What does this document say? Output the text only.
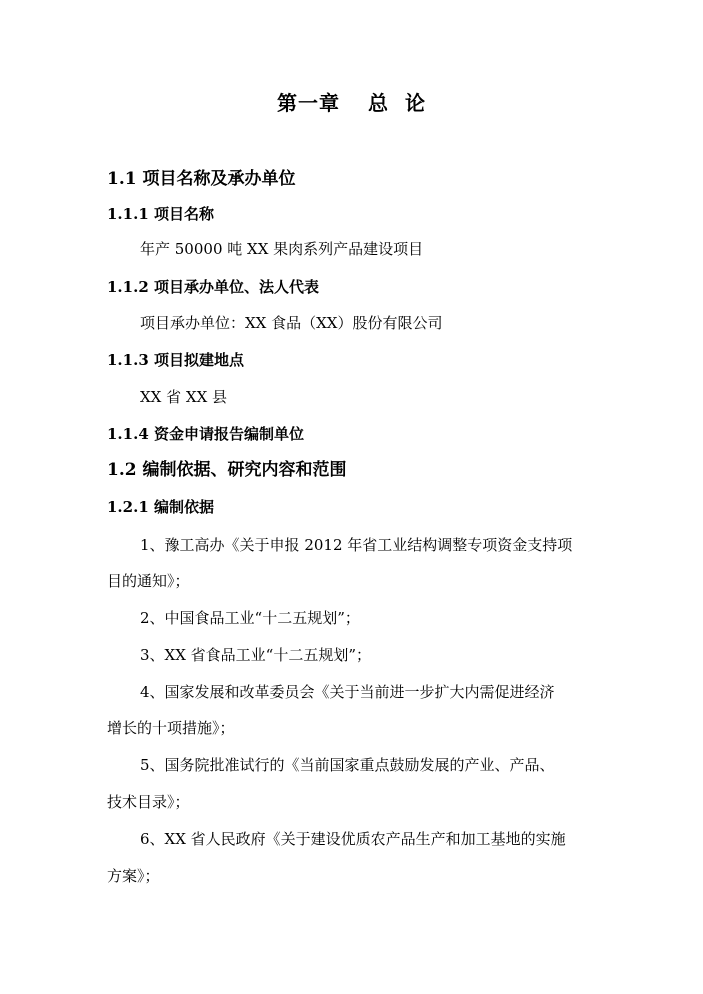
第一章 总  论
1.1 项目名称及承办单位
1.1.1 项目名称
年产 50000 吨 XX 果肉系列产品建设项目
1.1.2 项目承办单位、法人代表
项目承办单位：XX 食品（XX）股份有限公司
1.1.3 项目拟建地点
XX 省 XX 县
1.1.4 资金申请报告编制单位
1.2 编制依据、研究内容和范围
1.2.1 编制依据
1、豫工高办《关于申报 2012 年省工业结构调整专项资金支持项
目的通知》；
2、中国食品工业“十二五规划”；
3、XX 省食品工业“十二五规划”；
4、国家发展和改革委员会《关于当前进一步扩大内需促进经济
增长的十项措施》；
5、国务院批准试行的《当前国家重点鼓励发展的产业、产品、
技术目录》；
6、XX 省人民政府《关于建设优质农产品生产和加工基地的实施
方案》；
